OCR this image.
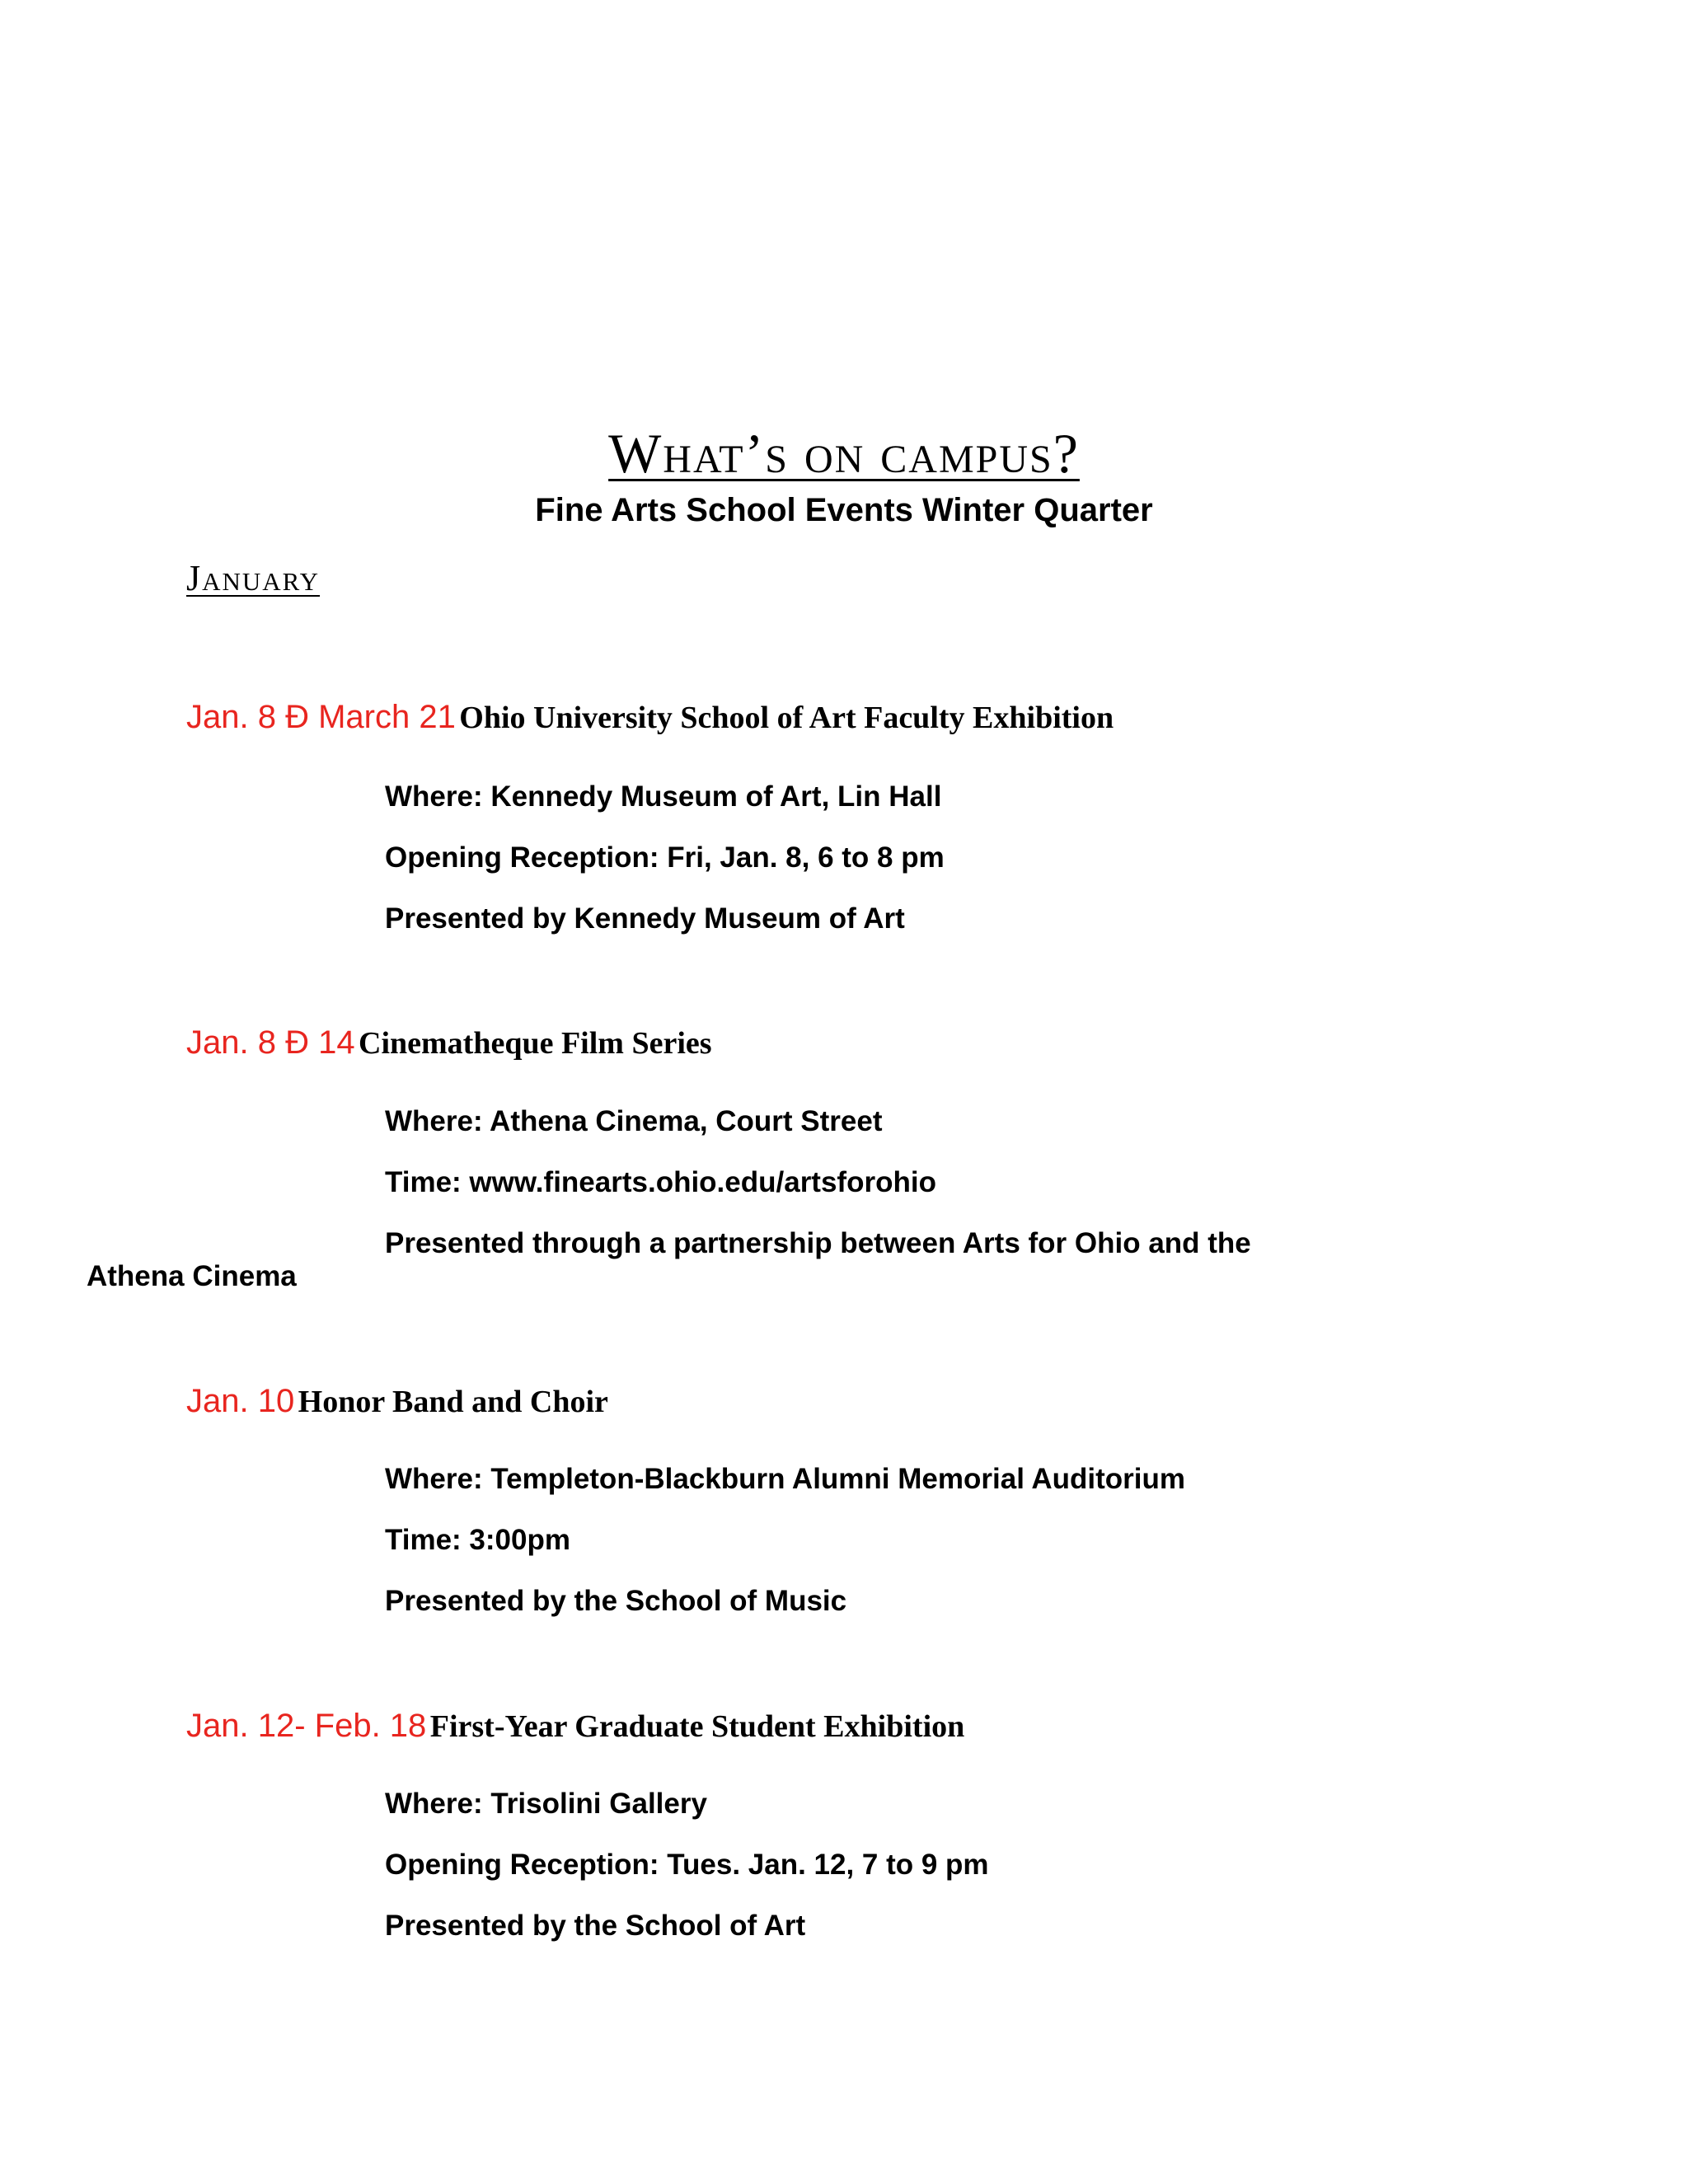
What’s on campus?

Fine Arts School Events Winter Quarter

January

Jan. 8 Ð March 21 Ohio University School of Art Faculty Exhibition

Where: Kennedy Museum of Art, Lin Hall

Opening Reception: Fri, Jan. 8, 6 to 8 pm

Presented by Kennedy Museum of Art

Jan. 8 Ð 14 Cinematheque Film Series

Where: Athena Cinema, Court Street

Time: www.finearts.ohio.edu/artsforohio

Presented through a partnership between Arts for Ohio and the

Athena Cinema

Jan. 10 Honor Band and Choir

Where: Templeton-Blackburn Alumni Memorial Auditorium

Time: 3:00pm

Presented by the School of Music

Jan. 12- Feb. 18 First-Year Graduate Student Exhibition

Where: Trisolini Gallery

Opening Reception: Tues. Jan. 12, 7 to 9 pm

Presented by the School of Art
